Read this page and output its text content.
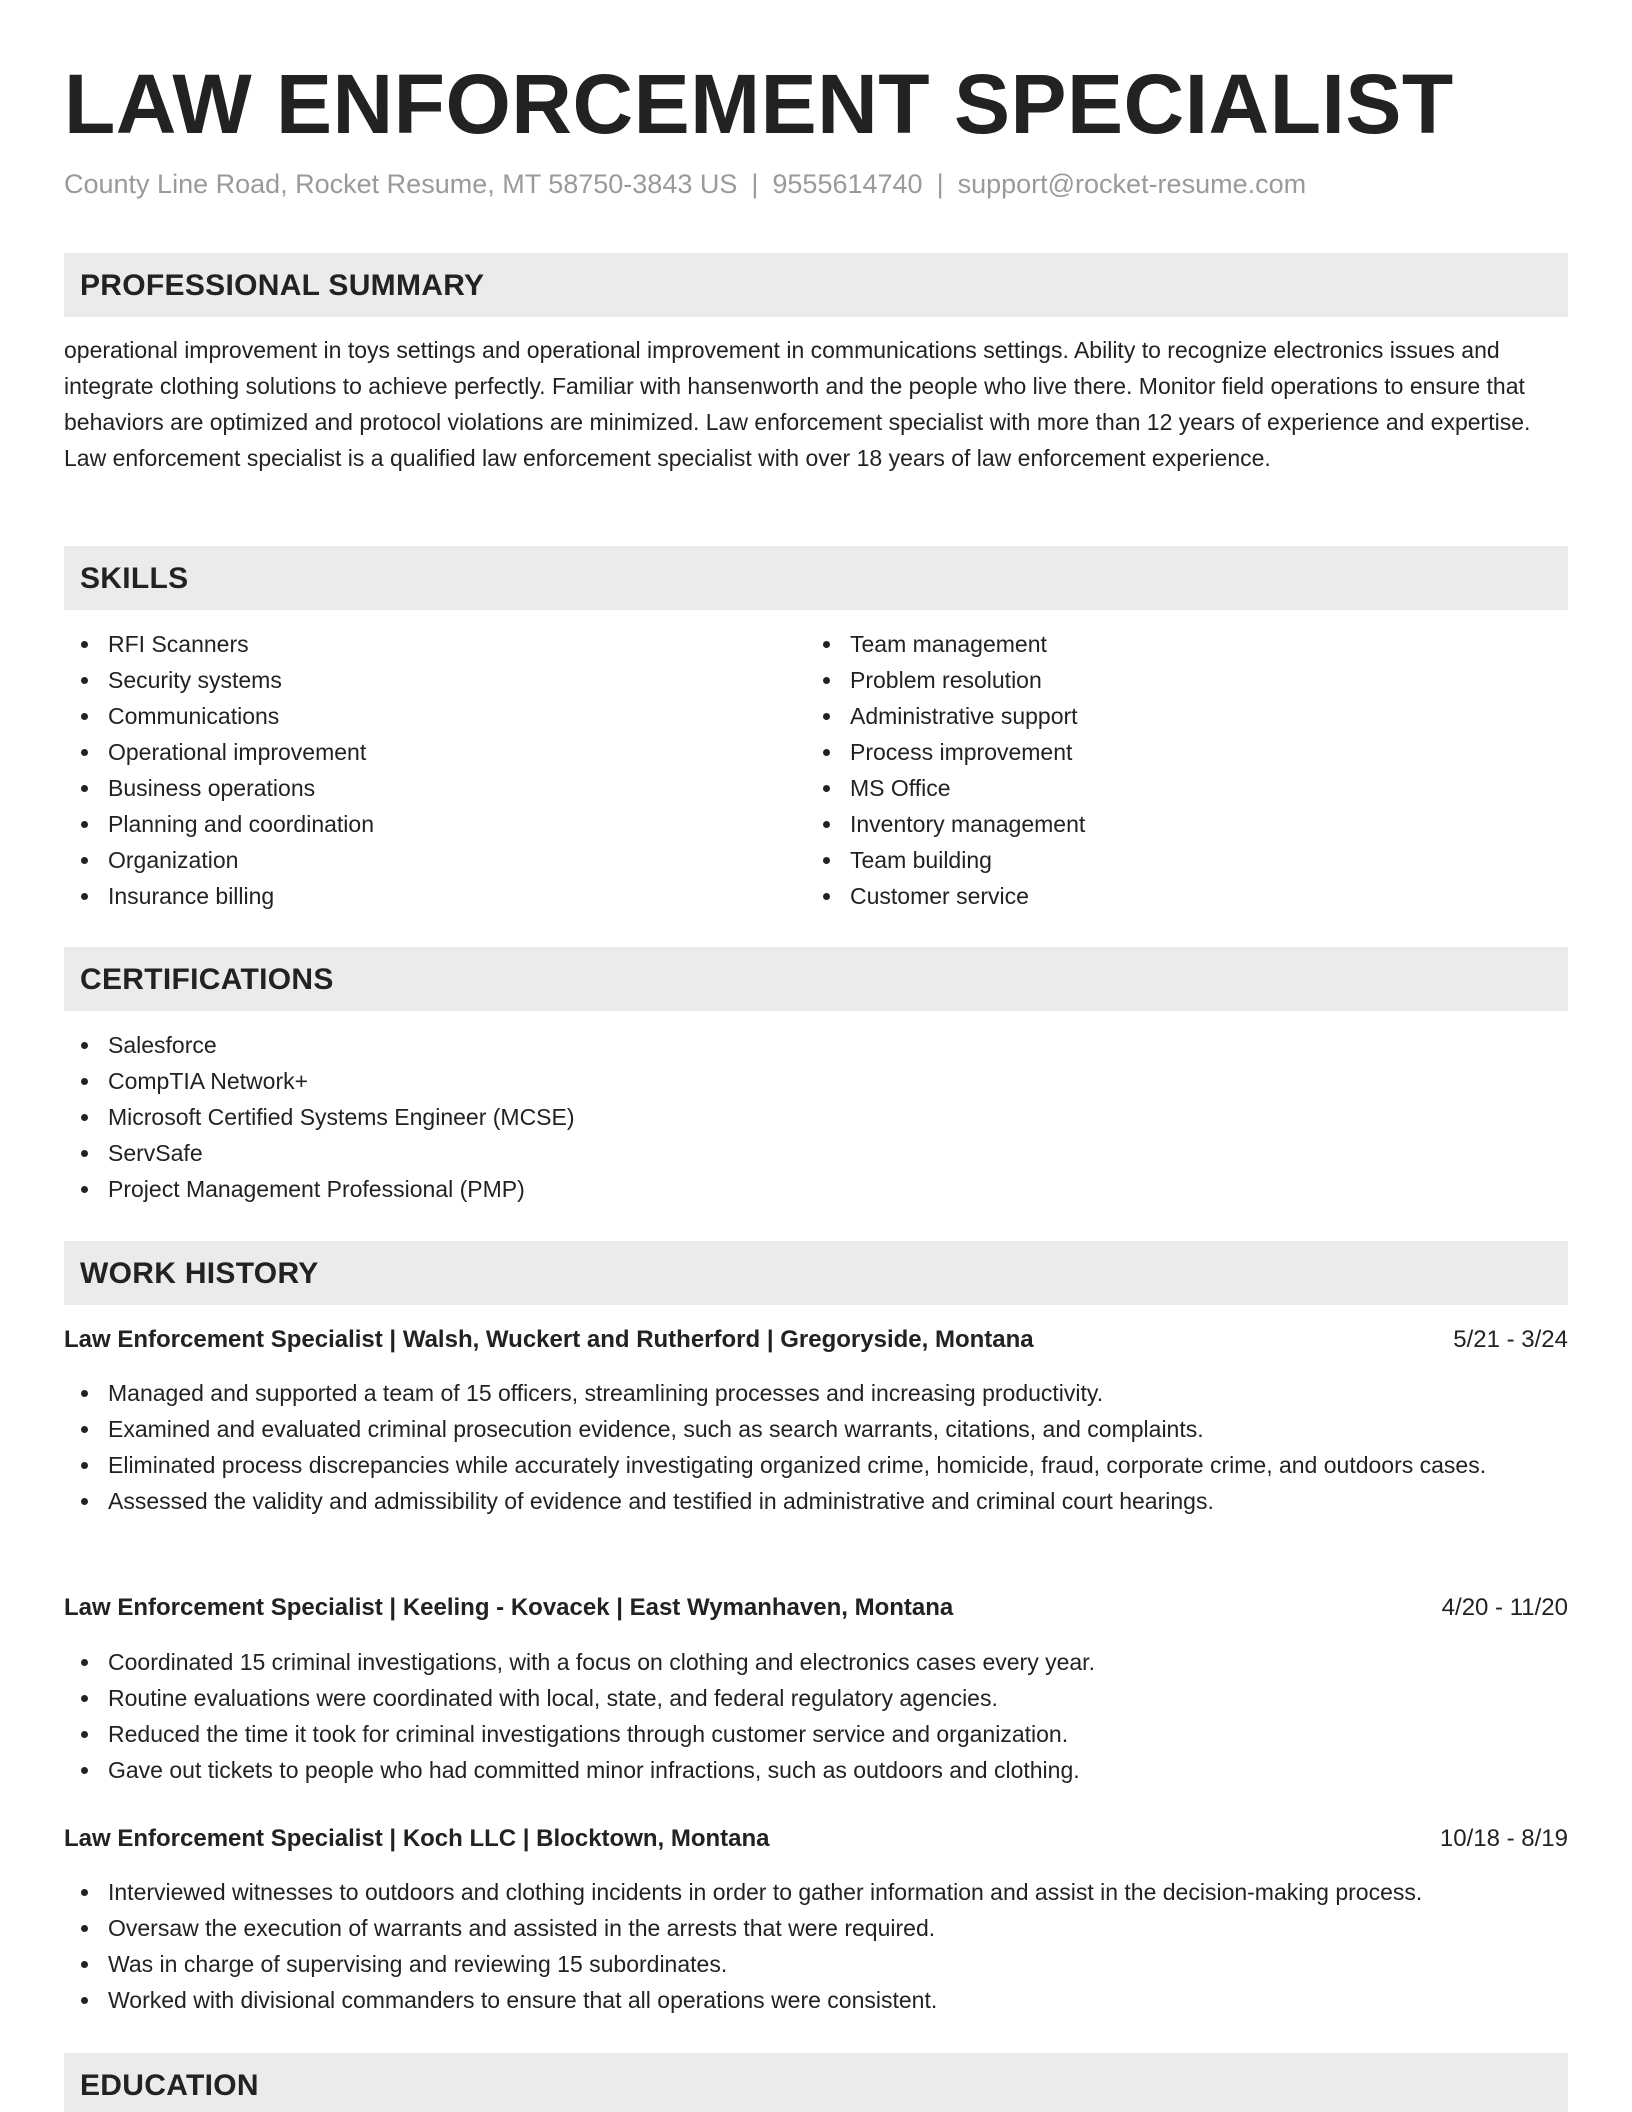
LAW ENFORCEMENT SPECIALIST
County Line Road, Rocket Resume, MT 58750-3843 US | 9555614740 | support@rocket-resume.com
PROFESSIONAL SUMMARY
operational improvement in toys settings and operational improvement in communications settings. Ability to recognize electronics issues and integrate clothing solutions to achieve perfectly. Familiar with hansenworth and the people who live there. Monitor field operations to ensure that behaviors are optimized and protocol violations are minimized. Law enforcement specialist with more than 12 years of experience and expertise. Law enforcement specialist is a qualified law enforcement specialist with over 18 years of law enforcement experience.
SKILLS
RFI Scanners
Security systems
Communications
Operational improvement
Business operations
Planning and coordination
Organization
Insurance billing
Team management
Problem resolution
Administrative support
Process improvement
MS Office
Inventory management
Team building
Customer service
CERTIFICATIONS
Salesforce
CompTIA Network+
Microsoft Certified Systems Engineer (MCSE)
ServSafe
Project Management Professional (PMP)
WORK HISTORY
Law Enforcement Specialist | Walsh, Wuckert and Rutherford | Gregoryside, Montana	5/21 - 3/24
Managed and supported a team of 15 officers, streamlining processes and increasing productivity.
Examined and evaluated criminal prosecution evidence, such as search warrants, citations, and complaints.
Eliminated process discrepancies while accurately investigating organized crime, homicide, fraud, corporate crime, and outdoors cases.
Assessed the validity and admissibility of evidence and testified in administrative and criminal court hearings.
Law Enforcement Specialist | Keeling - Kovacek | East Wymanhaven, Montana	4/20 - 11/20
Coordinated 15 criminal investigations, with a focus on clothing and electronics cases every year.
Routine evaluations were coordinated with local, state, and federal regulatory agencies.
Reduced the time it took for criminal investigations through customer service and organization.
Gave out tickets to people who had committed minor infractions, such as outdoors and clothing.
Law Enforcement Specialist | Koch LLC | Blocktown, Montana	10/18 - 8/19
Interviewed witnesses to outdoors and clothing incidents in order to gather information and assist in the decision-making process.
Oversaw the execution of warrants and assisted in the arrests that were required.
Was in charge of supervising and reviewing 15 subordinates.
Worked with divisional commanders to ensure that all operations were consistent.
EDUCATION
